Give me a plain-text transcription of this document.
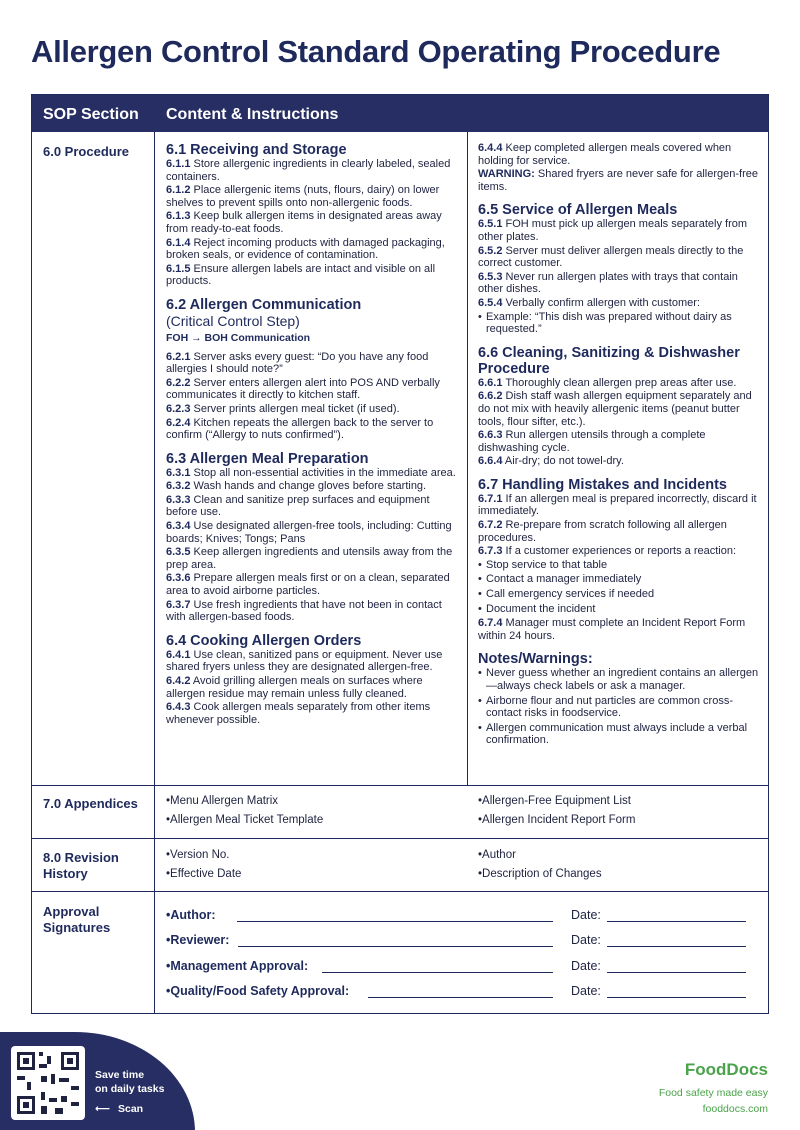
Allergen Control Standard Operating Procedure
SOP Section Content & Instructions
6.0 Procedure	6.1 Receiving and Storage
6.1.1 Store allergenic ingredients in clearly labeled, sealed containers.
6.1.2 Place allergenic items (nuts, flours, dairy) on lower shelves to prevent spills onto non-allergenic foods.
6.1.3 Keep bulk allergen items in designated areas away from ready-to-eat foods.
6.1.4 Reject incoming products with damaged packaging, broken seals, or evidence of contamination.
6.1.5 Ensure allergen labels are intact and visible on all products.
6.2 Allergen Communication
(Critical Control Step)
FOH → BOH Communication
6.2.1 Server asks every guest: “Do you have any food allergies I should note?”
6.2.2 Server enters allergen alert into POS AND verbally communicates it directly to kitchen staff.
6.2.3 Server prints allergen meal ticket (if used).
6.2.4 Kitchen repeats the allergen back to the server to confirm (“Allergy to nuts confirmed”).
6.3 Allergen Meal Preparation
6.3.1 Stop all non-essential activities in the immediate area.
6.3.2 Wash hands and change gloves before starting.
6.3.3 Clean and sanitize prep surfaces and equipment before use.
6.3.4 Use designated allergen-free tools, including: Cutting boards; Knives; Tongs; Pans
6.3.5 Keep allergen ingredients and utensils away from the prep area.
6.3.6 Prepare allergen meals first or on a clean, separated area to avoid airborne particles.
6.3.7 Use fresh ingredients that have not been in contact with allergen-based foods.
6.4 Cooking Allergen Orders
6.4.1 Use clean, sanitized pans or equipment. Never use shared fryers unless they are designated allergen-free.
6.4.2 Avoid grilling allergen meals on surfaces where allergen residue may remain unless fully cleaned.
6.4.3 Cook allergen meals separately from other items whenever possible.
6.4.4 Keep completed allergen meals covered when holding for service.
WARNING: Shared fryers are never safe for allergen-free items.
6.5 Service of Allergen Meals
6.5.1 FOH must pick up allergen meals separately from other plates.
6.5.2 Server must deliver allergen meals directly to the correct customer.
6.5.3 Never run allergen plates with trays that contain other dishes.
6.5.4 Verbally confirm allergen with customer:
• Example: “This dish was prepared without dairy as requested.”
6.6 Cleaning, Sanitizing & Dishwasher Procedure
6.6.1 Thoroughly clean allergen prep areas after use.
6.6.2 Dish staff wash allergen equipment separately and do not mix with heavily allergenic items (peanut butter tools, flour sifter, etc.).
6.6.3 Run allergen utensils through a complete dishwashing cycle.
6.6.4 Air-dry; do not towel-dry.
6.7 Handling Mistakes and Incidents
6.7.1 If an allergen meal is prepared incorrectly, discard it immediately.
6.7.2 Re-prepare from scratch following all allergen procedures.
6.7.3 If a customer experiences or reports a reaction:
• Stop service to that table
• Contact a manager immediately
• Call emergency services if needed
• Document the incident
6.7.4 Manager must complete an Incident Report Form within 24 hours.
Notes/Warnings:
• Never guess whether an ingredient contains an allergen—always check labels or ask a manager.
• Airborne flour and nut particles are common cross-contact risks in foodservice.
• Allergen communication must always include a verbal confirmation.
7.0 Appendices
•	Menu Allergen Matrix
• Allergen Meal Ticket Template
• Allergen-Free Equipment List
• Allergen Incident Report Form
8.0 Revision History
• Version No.
• Effective Date
• Author
• Description of Changes
Approval Signatures
• Author:	Date:
• Reviewer:	Date:
• Management Approval:	Date:
• Quality/Food Safety Approval:	Date:
Save time
on daily tasks
⟵ Scan
FoodDocs
Food safety made easy
fooddocs.com
